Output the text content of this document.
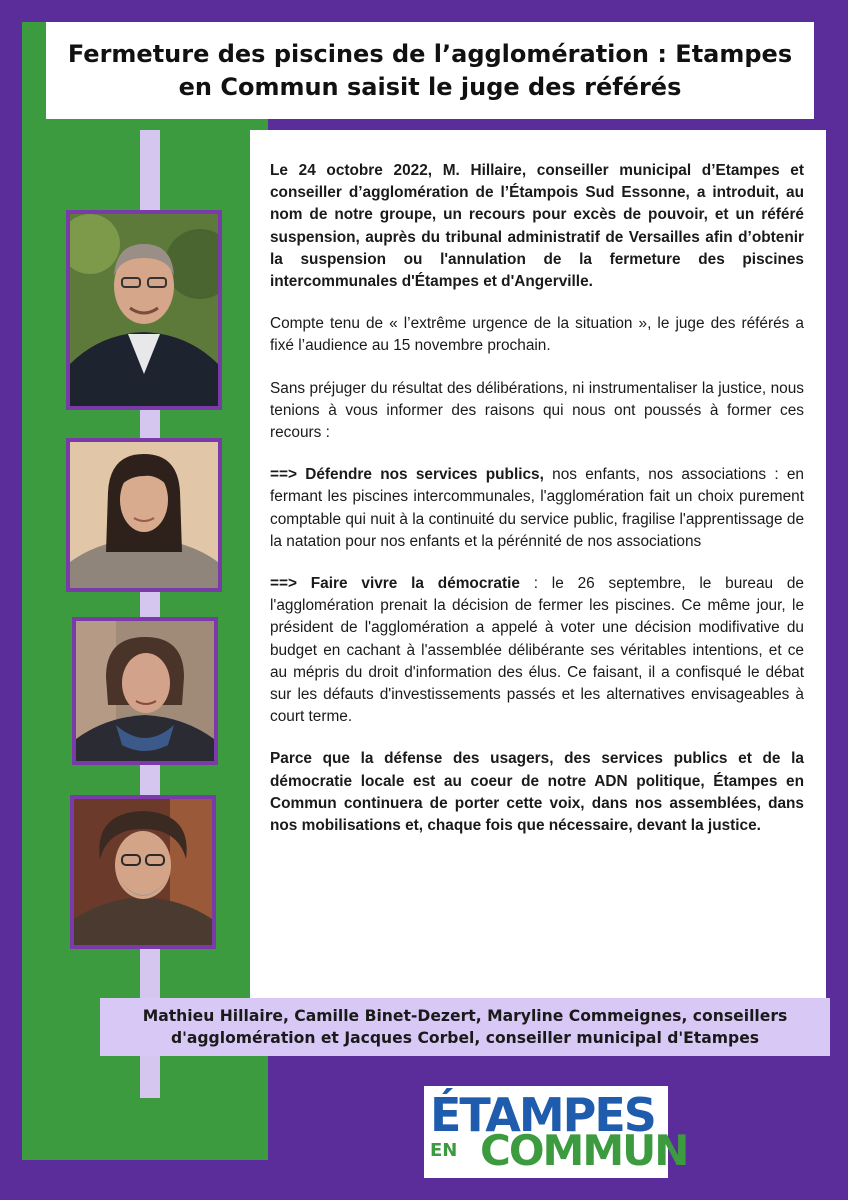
Fermeture des piscines de l’agglomération : Etampes en Commun saisit le juge des référés

Le 24 octobre 2022, M. Hillaire, conseiller municipal d’Etampes et conseiller d’agglomération de l’Étampois Sud Essonne, a introduit, au nom de notre groupe, un recours pour excès de pouvoir, et un référé suspension, auprès du tribunal administratif de Versailles afin d’obtenir la suspension ou l'annulation de la fermeture des piscines intercommunales d'Étampes et d'Angerville.

Compte tenu de « l’extrême urgence de la situation », le juge des référés a fixé l’audience au 15 novembre prochain.

Sans préjuger du résultat des délibérations, ni instrumentaliser la justice, nous tenions à vous informer des raisons qui nous ont poussés à former ces recours :

==> Défendre nos services publics, nos enfants, nos associations : en fermant les piscines intercommunales, l'agglomération fait un choix purement comptable qui nuit à la continuité du service public, fragilise l'apprentissage de la natation pour nos enfants et la pérénnité de nos associations

==> Faire vivre la démocratie : le 26 septembre, le bureau de l'agglomération prenait la décision de fermer les piscines. Ce même jour, le président de l'agglomération a appelé à voter une décision modifivative du budget en cachant à l'assemblée délibérante ses véritables intentions, et ce au mépris du droit d'information des élus. Ce faisant, il a confisqué le débat sur les défauts d'investissements passés et les alternatives envisageables à court terme.

Parce que la défense des usagers, des services publics et de la démocratie locale est au coeur de notre ADN politique, Étampes en Commun continuera de porter cette voix, dans nos assemblées, dans nos mobilisations et, chaque fois que nécessaire, devant la justice.

Mathieu Hillaire, Camille Binet-Dezert, Maryline Commeignes, conseillers d'agglomération et Jacques Corbel, conseiller municipal d'Etampes

ÉTAMPES
EN COMMUN
